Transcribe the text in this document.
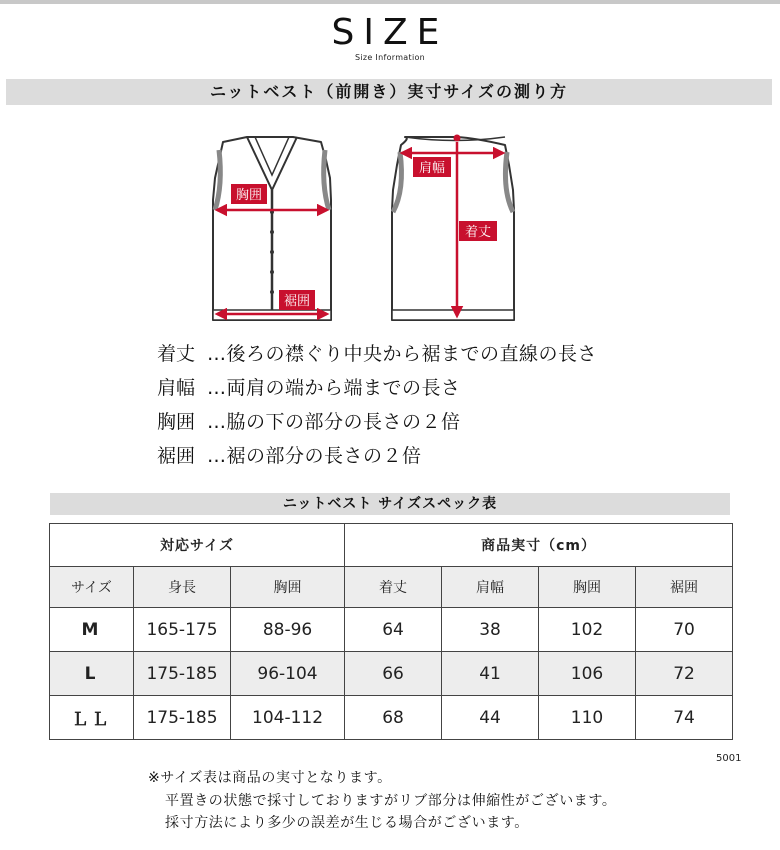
SIZE
Size Information
ニットベスト（前開き）実寸サイズの測り方
胸囲
裾囲
肩幅
着丈
着丈 …後ろの襟ぐり中央から裾までの直線の長さ
肩幅 …両肩の端から端までの長さ
胸囲 …脇の下の部分の長さの２倍
裾囲 …裾の部分の長さの２倍
ニットベスト サイズスペック表
対応サイズ			商品実寸（cm）			
サイズ	身長	胸囲	着丈	肩幅	胸囲	裾囲
M	165-175	88-96	64	38	102	70
L	175-185	96-104	66	41	106	72
ＬＬ	175-185	104-112	68	44	110	74
5001
※サイズ表は商品の実寸となります。
平置きの状態で採寸しておりますがリブ部分は伸縮性がございます。
採寸方法により多少の誤差が生じる場合がございます。
